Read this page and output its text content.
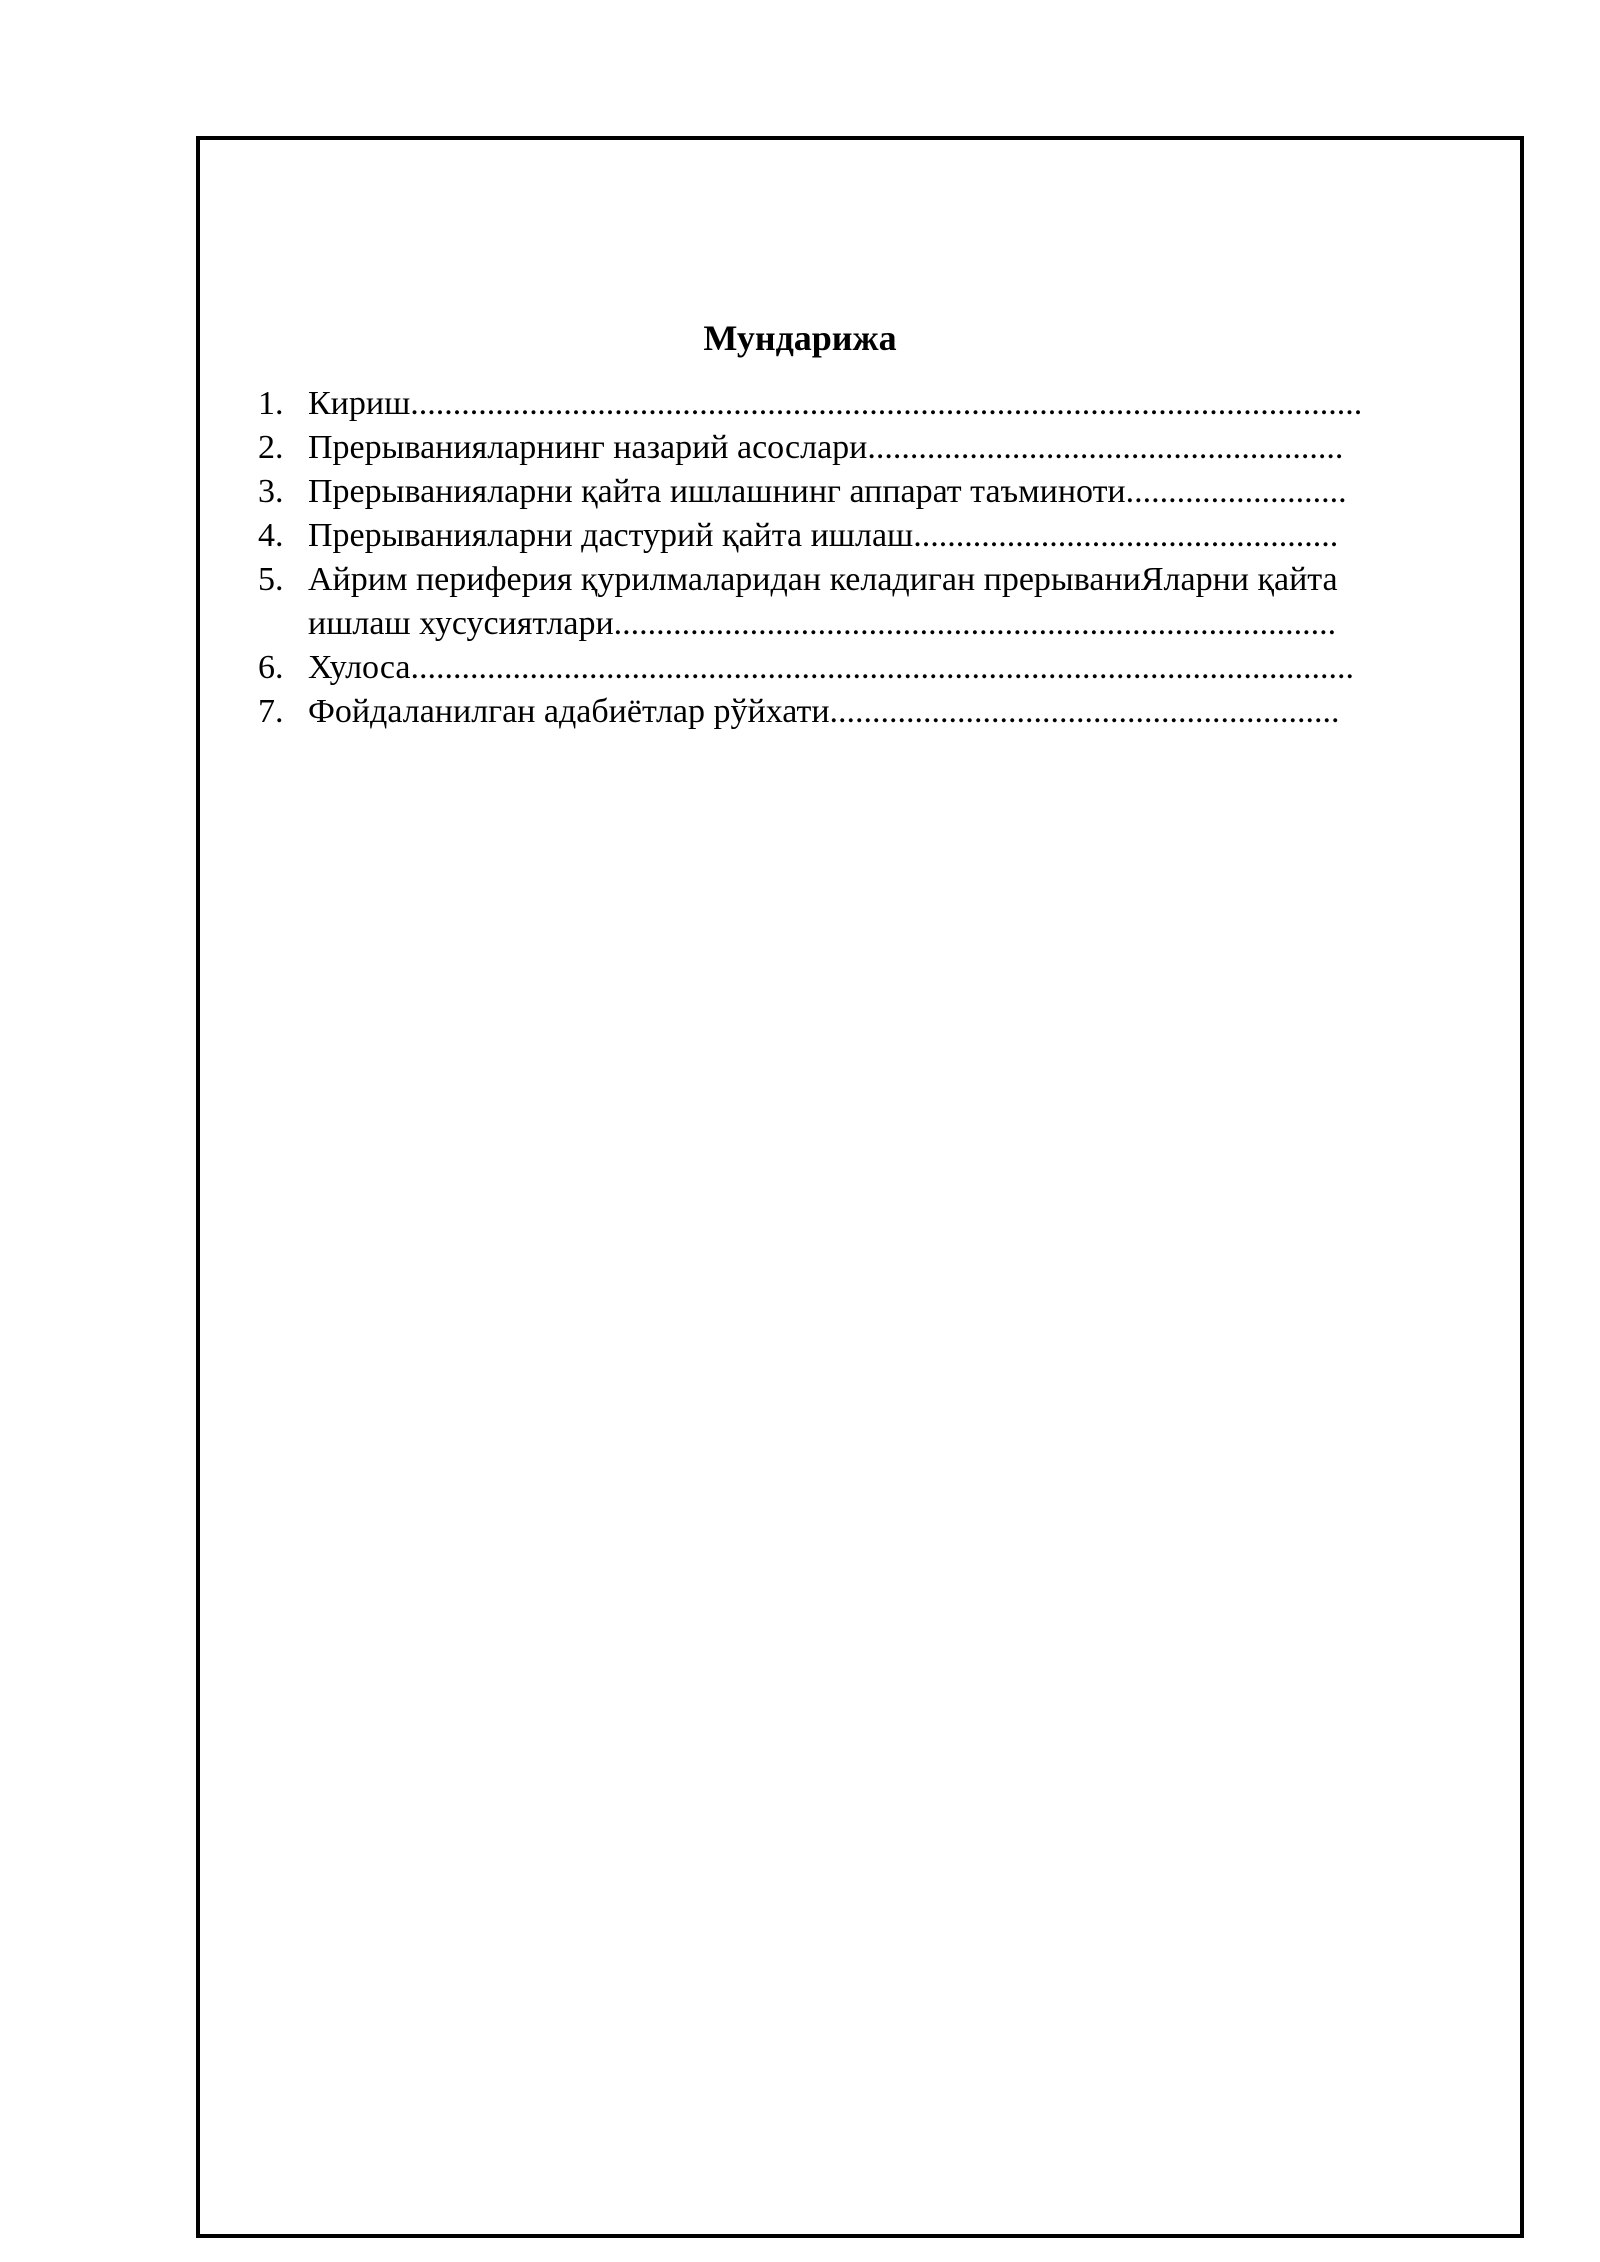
Мундарижа
1. Кириш................................................................................................................
2. Прерыванияларнинг назарий асослари........................................................
3. Прерыванияларни қайта ишлашнинг аппарат таъминоти..........................
4. Прерыванияларни дастурий қайта ишлаш..................................................
5. Айрим периферия қурилмаларидан келадиган прерываниЯларни қайта
ишлаш хусусиятлари.....................................................................................
6. Хулоса...............................................................................................................
7. Фойдаланилган адабиётлар рўйхати............................................................
